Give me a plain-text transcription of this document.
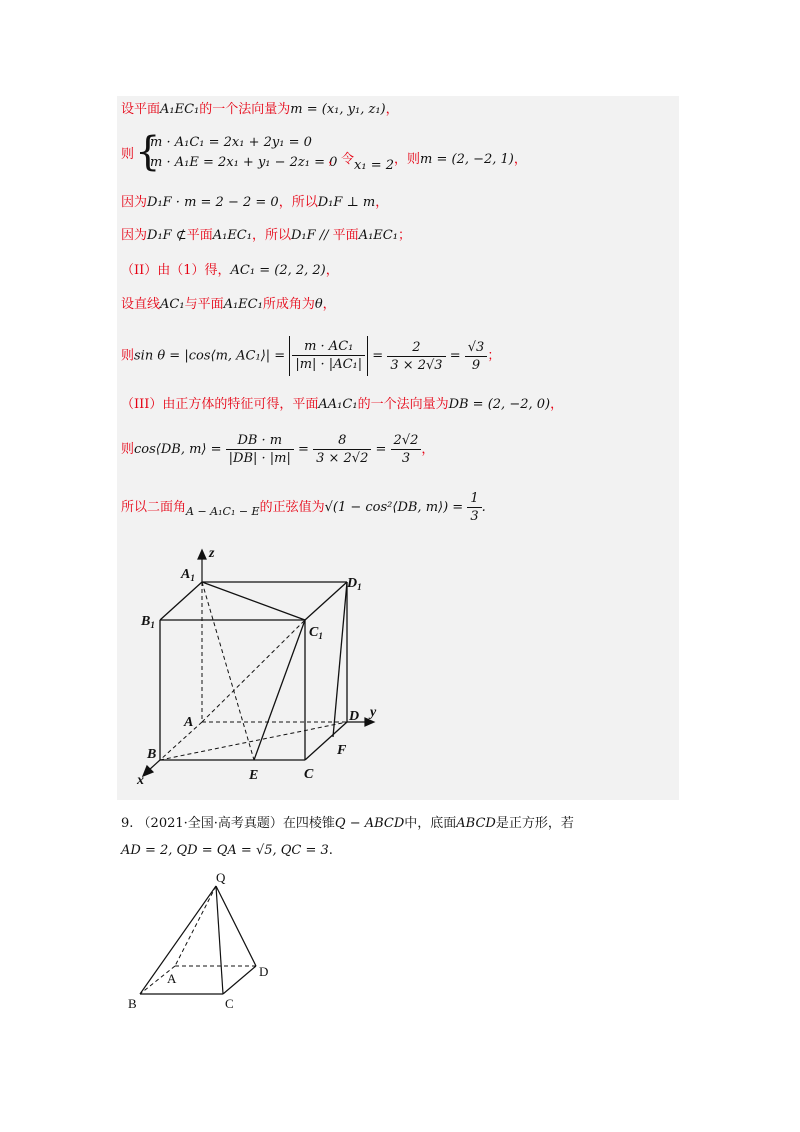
设平面A₁EC₁的一个法向量为m = (x₁, y₁, z₁)，
则 {
m · A₁C₁ = 2x₁ + 2y₁ = 0
m · A₁E = 2x₁ + y₁ − 2z₁ = 0
，令x₁ = 2，则m = (2, −2, 1)，
因为D₁F · m = 2 − 2 = 0，所以D₁F ⊥ m，
因为D₁F ⊄平面A₁EC₁，所以D₁F // 平面A₁EC₁；
（II）由（1）得，AC₁ = (2, 2, 2)，
设直线AC₁与平面A₁EC₁所成角为θ，
则sin θ = |cos⟨m, AC₁⟩| = $\frac{\text{m · AC₁}}{\text{|m| · |AC₁|}} = \frac{2}{3 \times 2√3} = \frac{√3}{9}$ ；
（III）由正方体的特征可得，平面AA₁C₁的一个法向量为DB = (2, −2, 0)，
则cos⟨DB, m⟩ = $\frac{DB \cdot m}{|DB| \cdot |m|} = \frac{8}{3 \times 2√2} = \frac{2√2}{3}$ ，
所以二面角$_{A - A_1C_1 - E}$的正弦值为√(1 − cos²⟨DB, m⟩) = $\frac{1}{3}$ .
z
y
x
$A_1$
$B_1$	$C_1$
$D_1$
A
B
C
D
E
F
9. （2021·全国·高考真题）在四棱锥Q − ABCD中，底面ABCD是正方形，若
AD = 2, QD = QA = √5, QC = 3.
Q
A
B	C
D
